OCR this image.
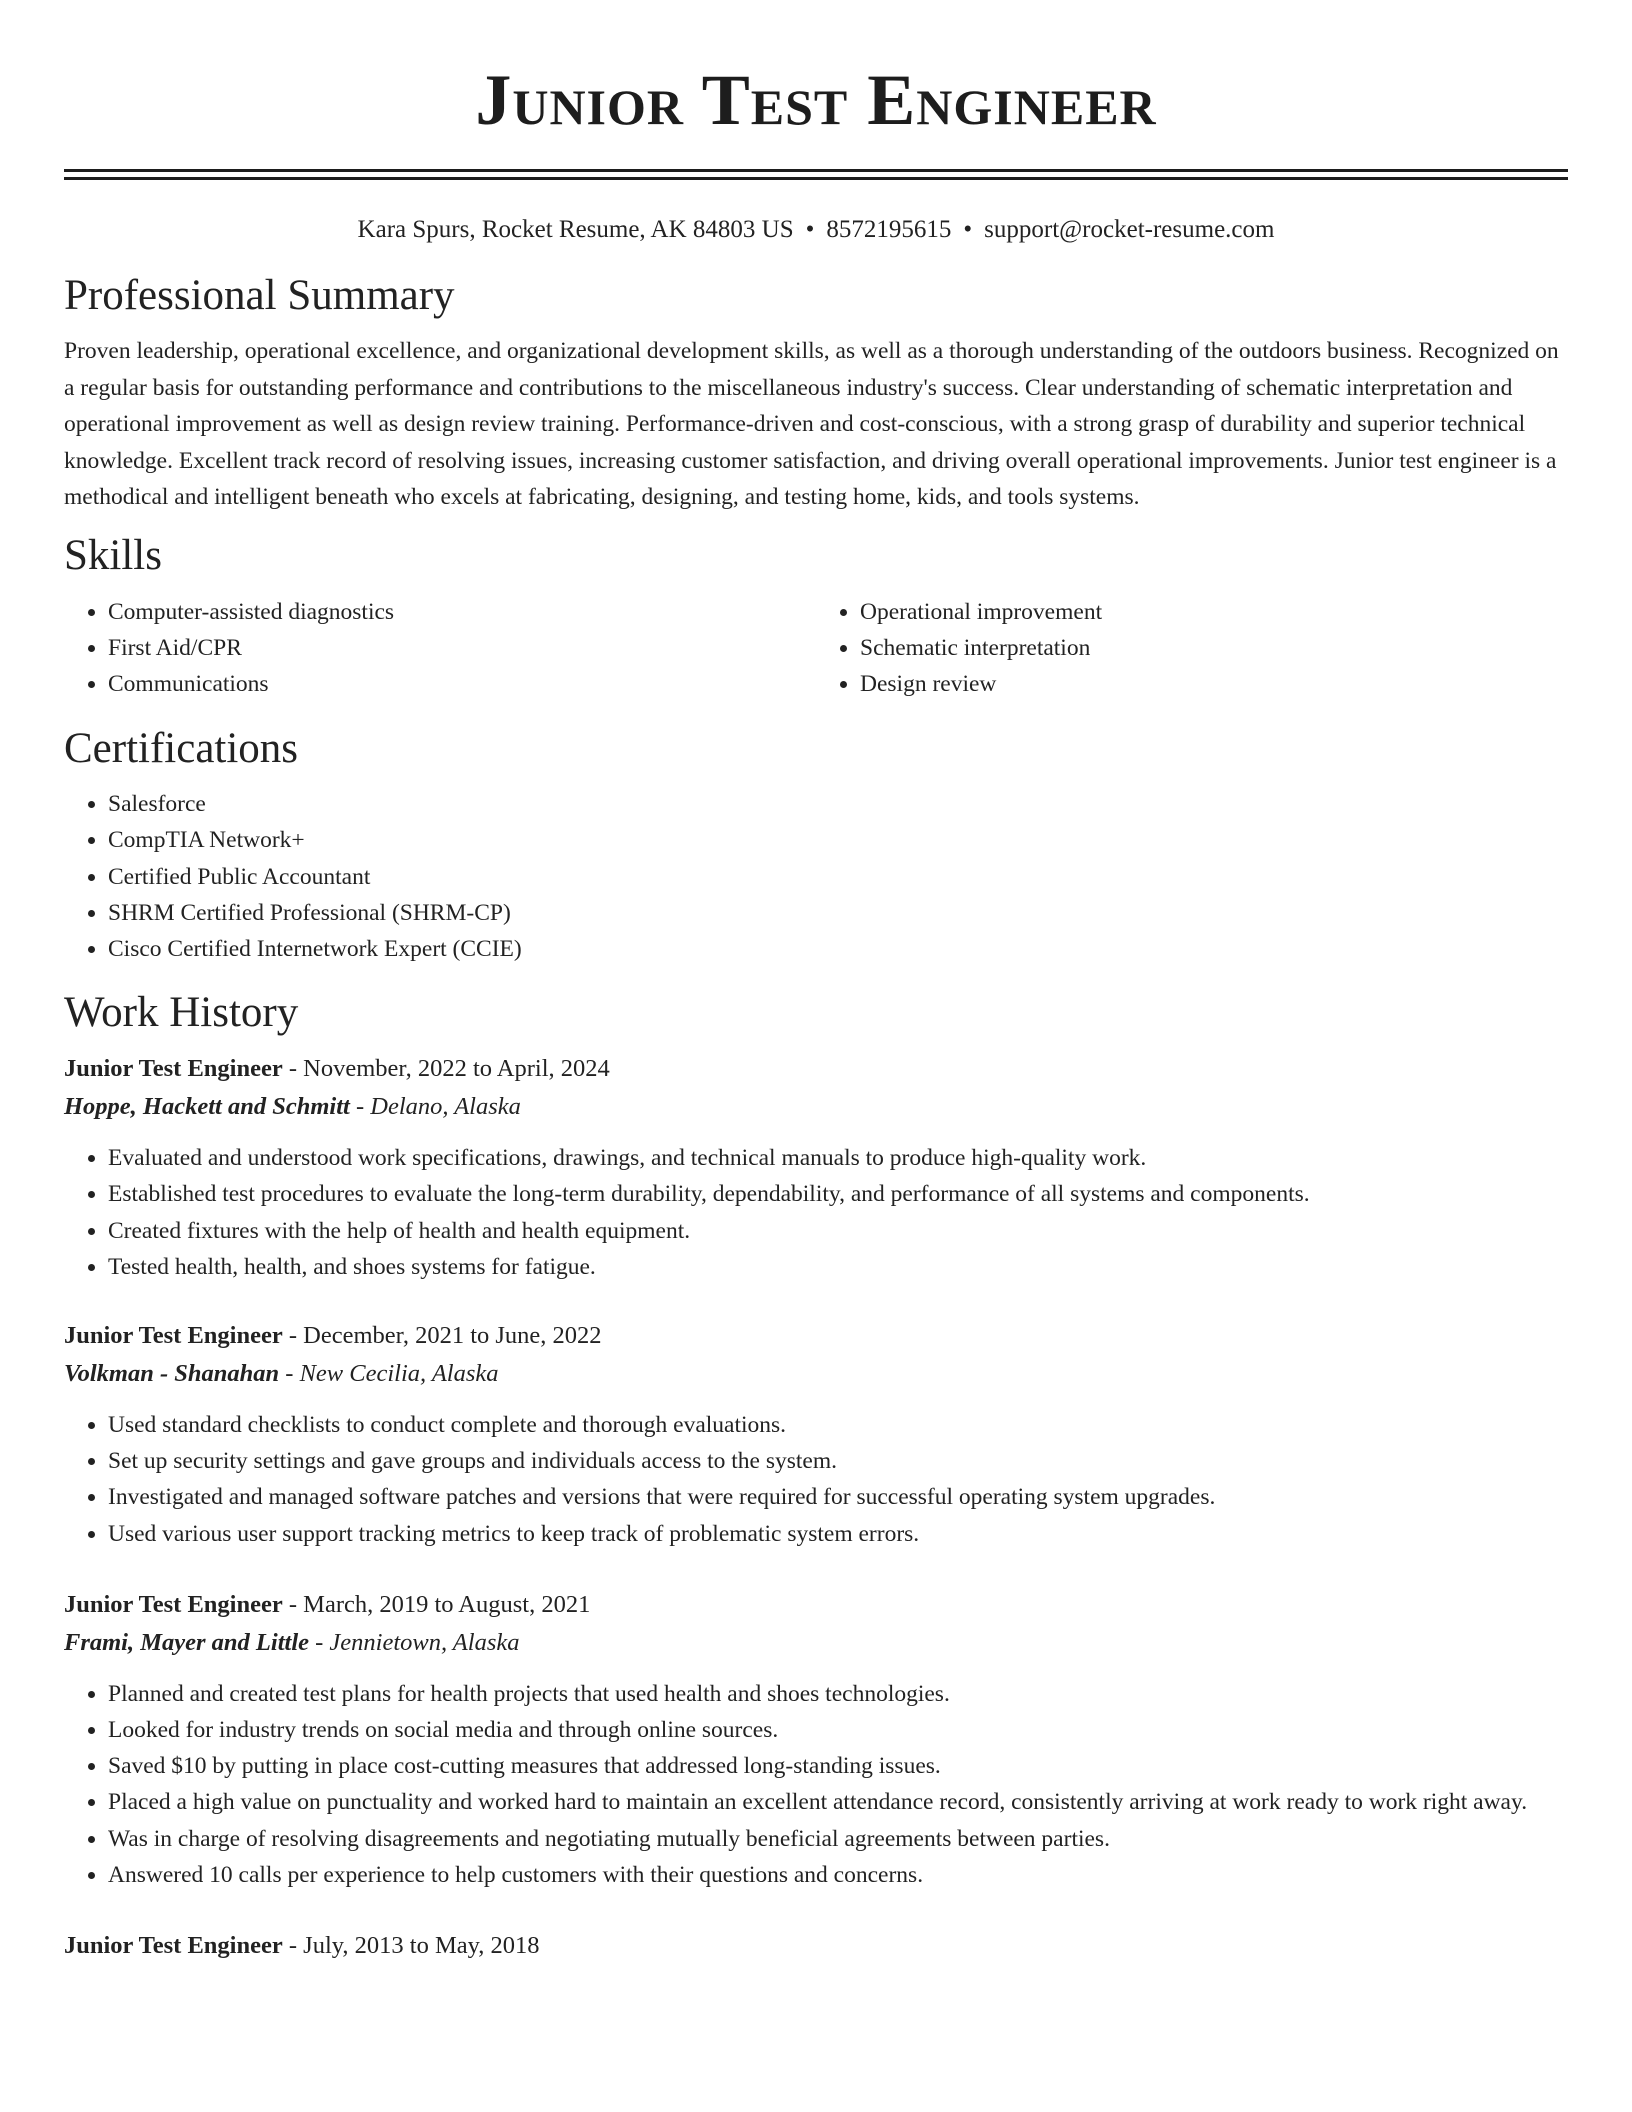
Junior Test Engineer
Kara Spurs, Rocket Resume, AK 84803 US • 8572195615 • support@rocket-resume.com
Professional Summary

Proven leadership, operational excellence, and organizational development skills, as well as a thorough understanding of the outdoors business. Recognized on a regular basis for outstanding performance and contributions to the miscellaneous industry's success. Clear understanding of schematic interpretation and operational improvement as well as design review training. Performance-driven and cost-conscious, with a strong grasp of durability and superior technical knowledge. Excellent track record of resolving issues, increasing customer satisfaction, and driving overall operational improvements. Junior test engineer is a methodical and intelligent beneath who excels at fabricating, designing, and testing home, kids, and tools systems.

Skills
• Computer-assisted diagnostics
• First Aid/CPR
• Communications
• Operational improvement
• Schematic interpretation
• Design review
Certifications
• Salesforce
• CompTIA Network+
• Certified Public Accountant
• SHRM Certified Professional (SHRM-CP)
• Cisco Certified Internetwork Expert (CCIE)
Work History
Junior Test Engineer - November, 2022 to April, 2024
Hoppe, Hackett and Schmitt - Delano, Alaska
• Evaluated and understood work specifications, drawings, and technical manuals to produce high-quality work.
• Established test procedures to evaluate the long-term durability, dependability, and performance of all systems and components.
• Created fixtures with the help of health and health equipment.
• Tested health, health, and shoes systems for fatigue.
Junior Test Engineer - December, 2021 to June, 2022
Volkman - Shanahan - New Cecilia, Alaska
• Used standard checklists to conduct complete and thorough evaluations.
• Set up security settings and gave groups and individuals access to the system.
• Investigated and managed software patches and versions that were required for successful operating system upgrades.
• Used various user support tracking metrics to keep track of problematic system errors.
Junior Test Engineer - March, 2019 to August, 2021
Frami, Mayer and Little - Jennietown, Alaska
• Planned and created test plans for health projects that used health and shoes technologies.
• Looked for industry trends on social media and through online sources.
• Saved $10 by putting in place cost-cutting measures that addressed long-standing issues.
• Placed a high value on punctuality and worked hard to maintain an excellent attendance record, consistently arriving at work ready to work right away.
• Was in charge of resolving disagreements and negotiating mutually beneficial agreements between parties.
• Answered 10 calls per experience to help customers with their questions and concerns.
Junior Test Engineer - July, 2013 to May, 2018
